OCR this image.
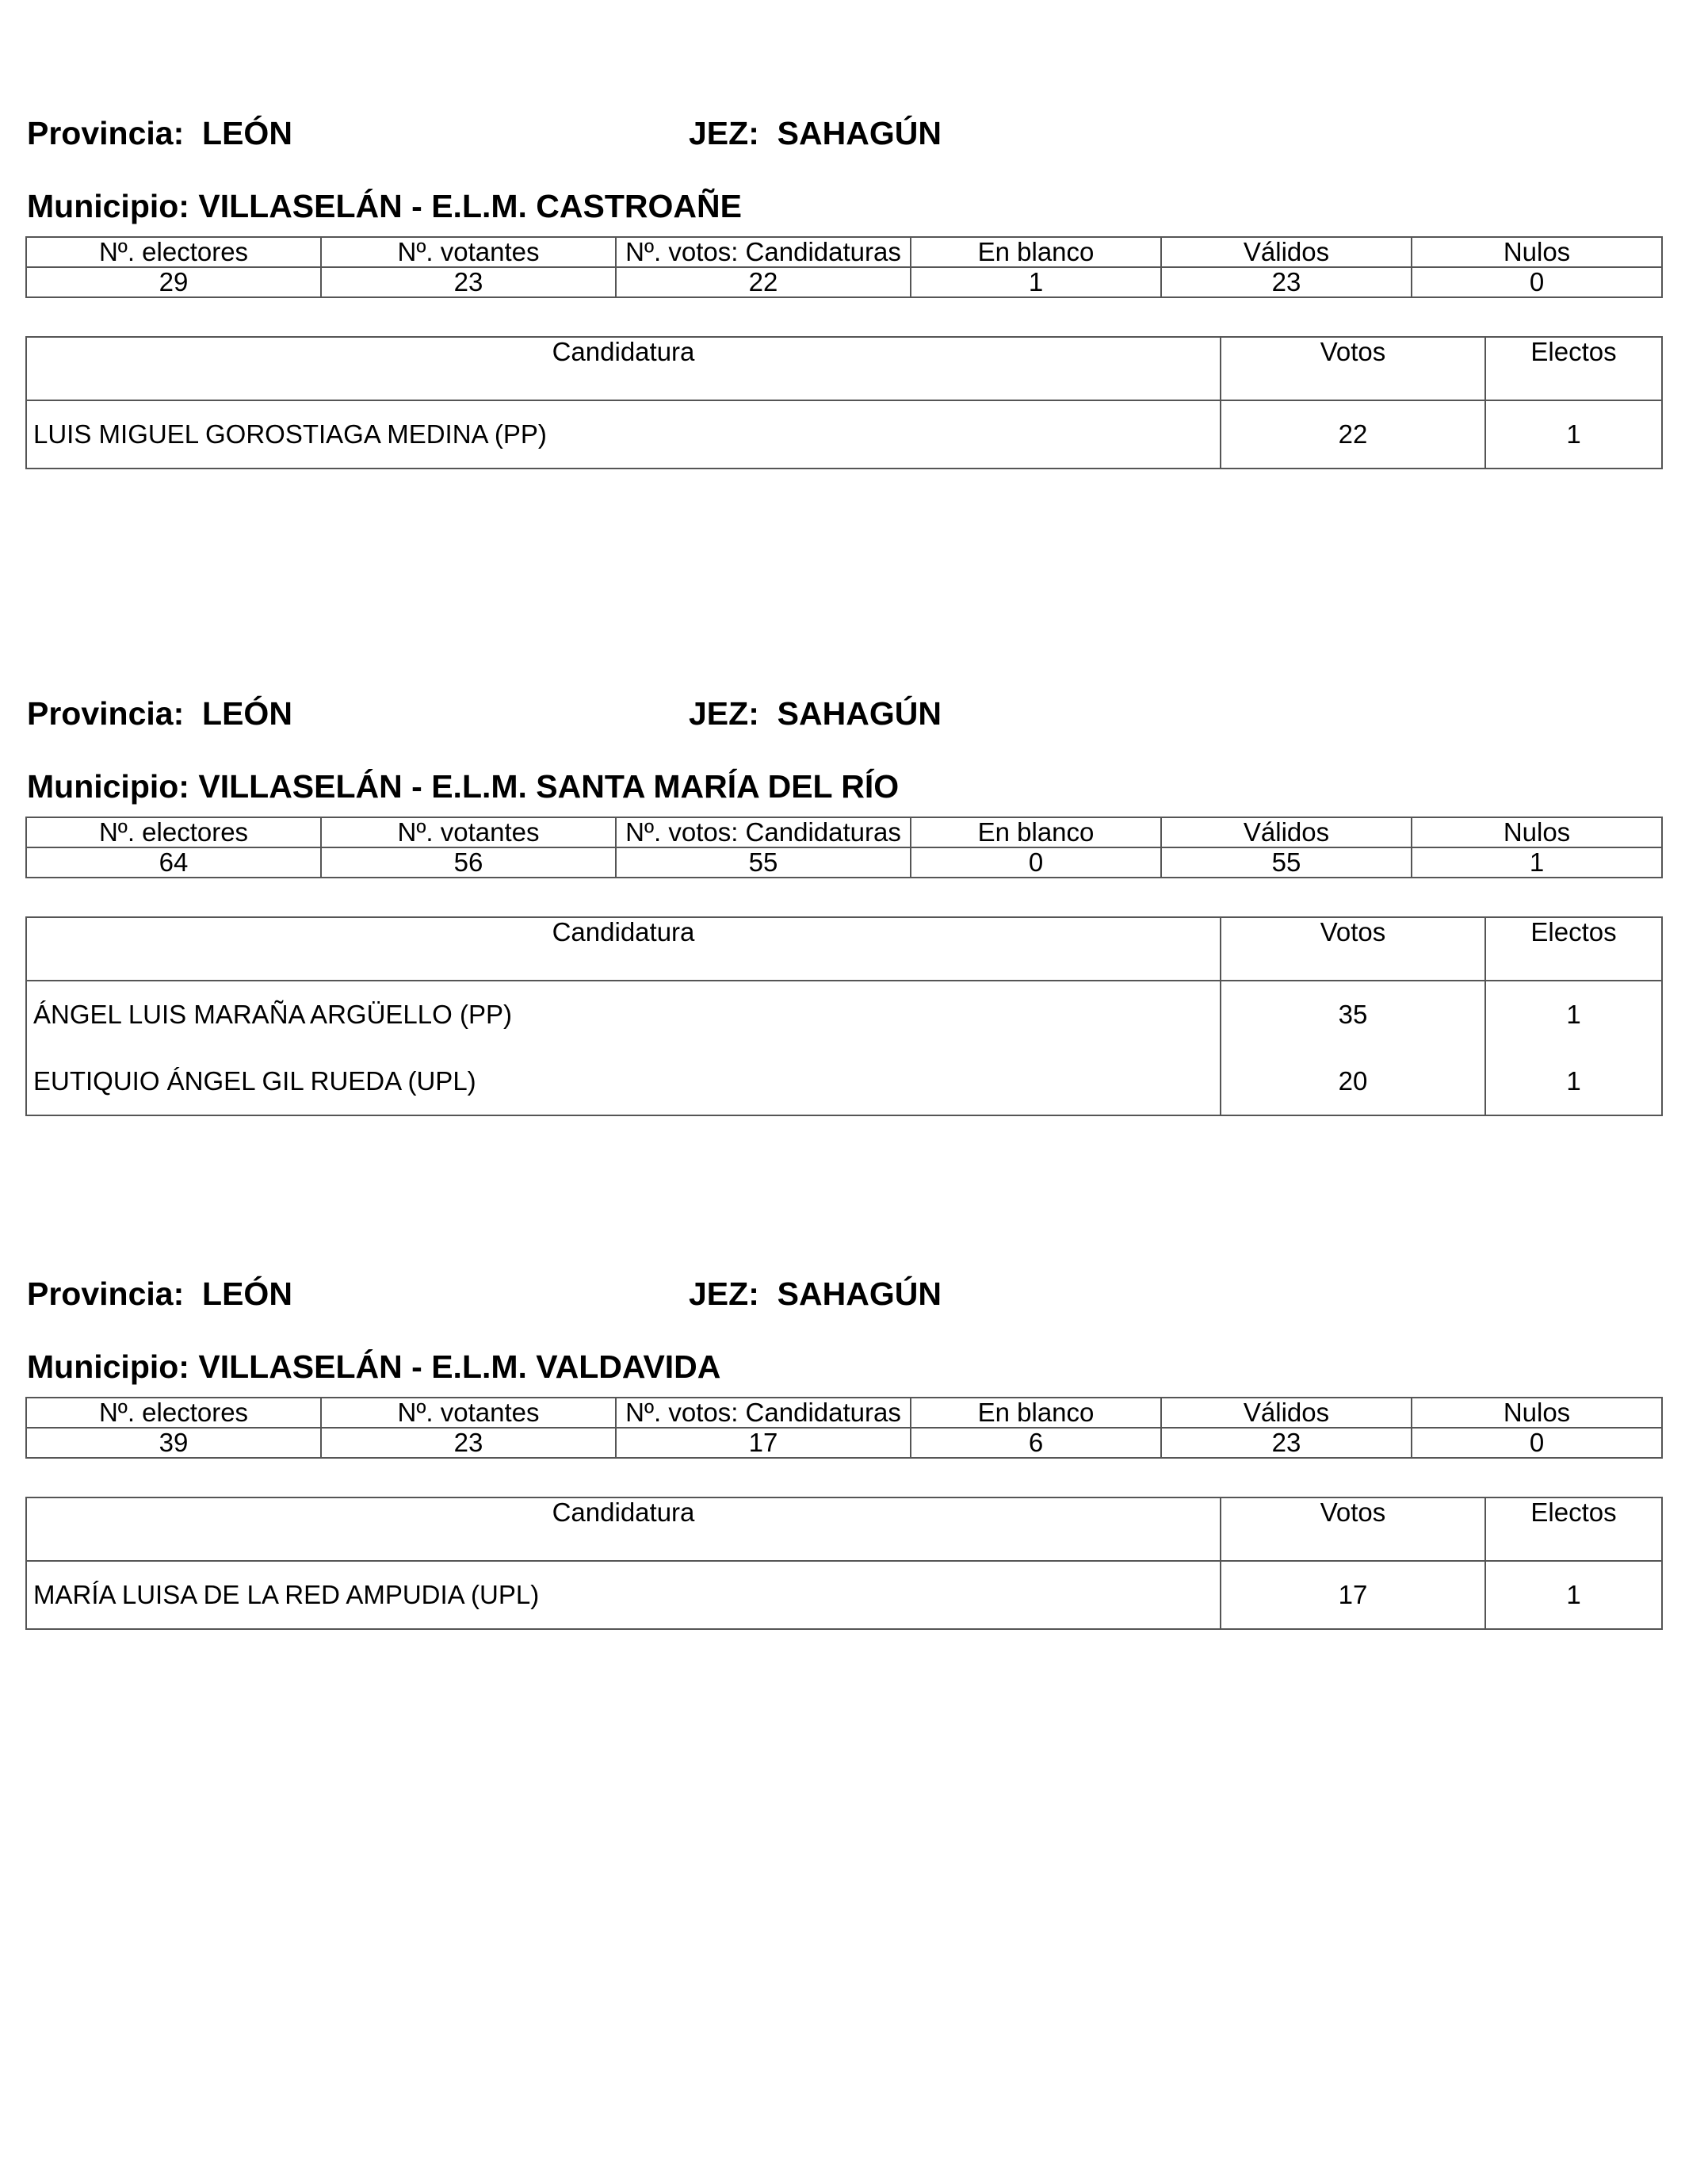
Provincia: LEÓN	JEZ: SAHAGÚN
Municipio: VILLASELÁN - E.L.M. CASTROAÑE
Nº. electores	Nº. votantes	Nº. votos: Candidaturas	En blanco	Válidos	Nulos
29	23	22	1	23	0
Candidatura	Votos	Electos
LUIS MIGUEL GOROSTIAGA MEDINA (PP)	22	1
Provincia: LEÓN	JEZ: SAHAGÚN
Municipio: VILLASELÁN - E.L.M. SANTA MARÍA DEL RÍO
Nº. electores	Nº. votantes	Nº. votos: Candidaturas	En blanco	Válidos	Nulos
64	56	55	0	55	1
Candidatura	Votos	Electos
ÁNGEL LUIS MARAÑA ARGÜELLO (PP)	35	1
EUTIQUIO ÁNGEL GIL RUEDA (UPL)	20	1
Provincia: LEÓN	JEZ: SAHAGÚN
Municipio: VILLASELÁN - E.L.M. VALDAVIDA
Nº. electores	Nº. votantes	Nº. votos: Candidaturas	En blanco	Válidos	Nulos
39	23	17	6	23	0
Candidatura	Votos	Electos
MARÍA LUISA DE LA RED AMPUDIA (UPL)	17	1
